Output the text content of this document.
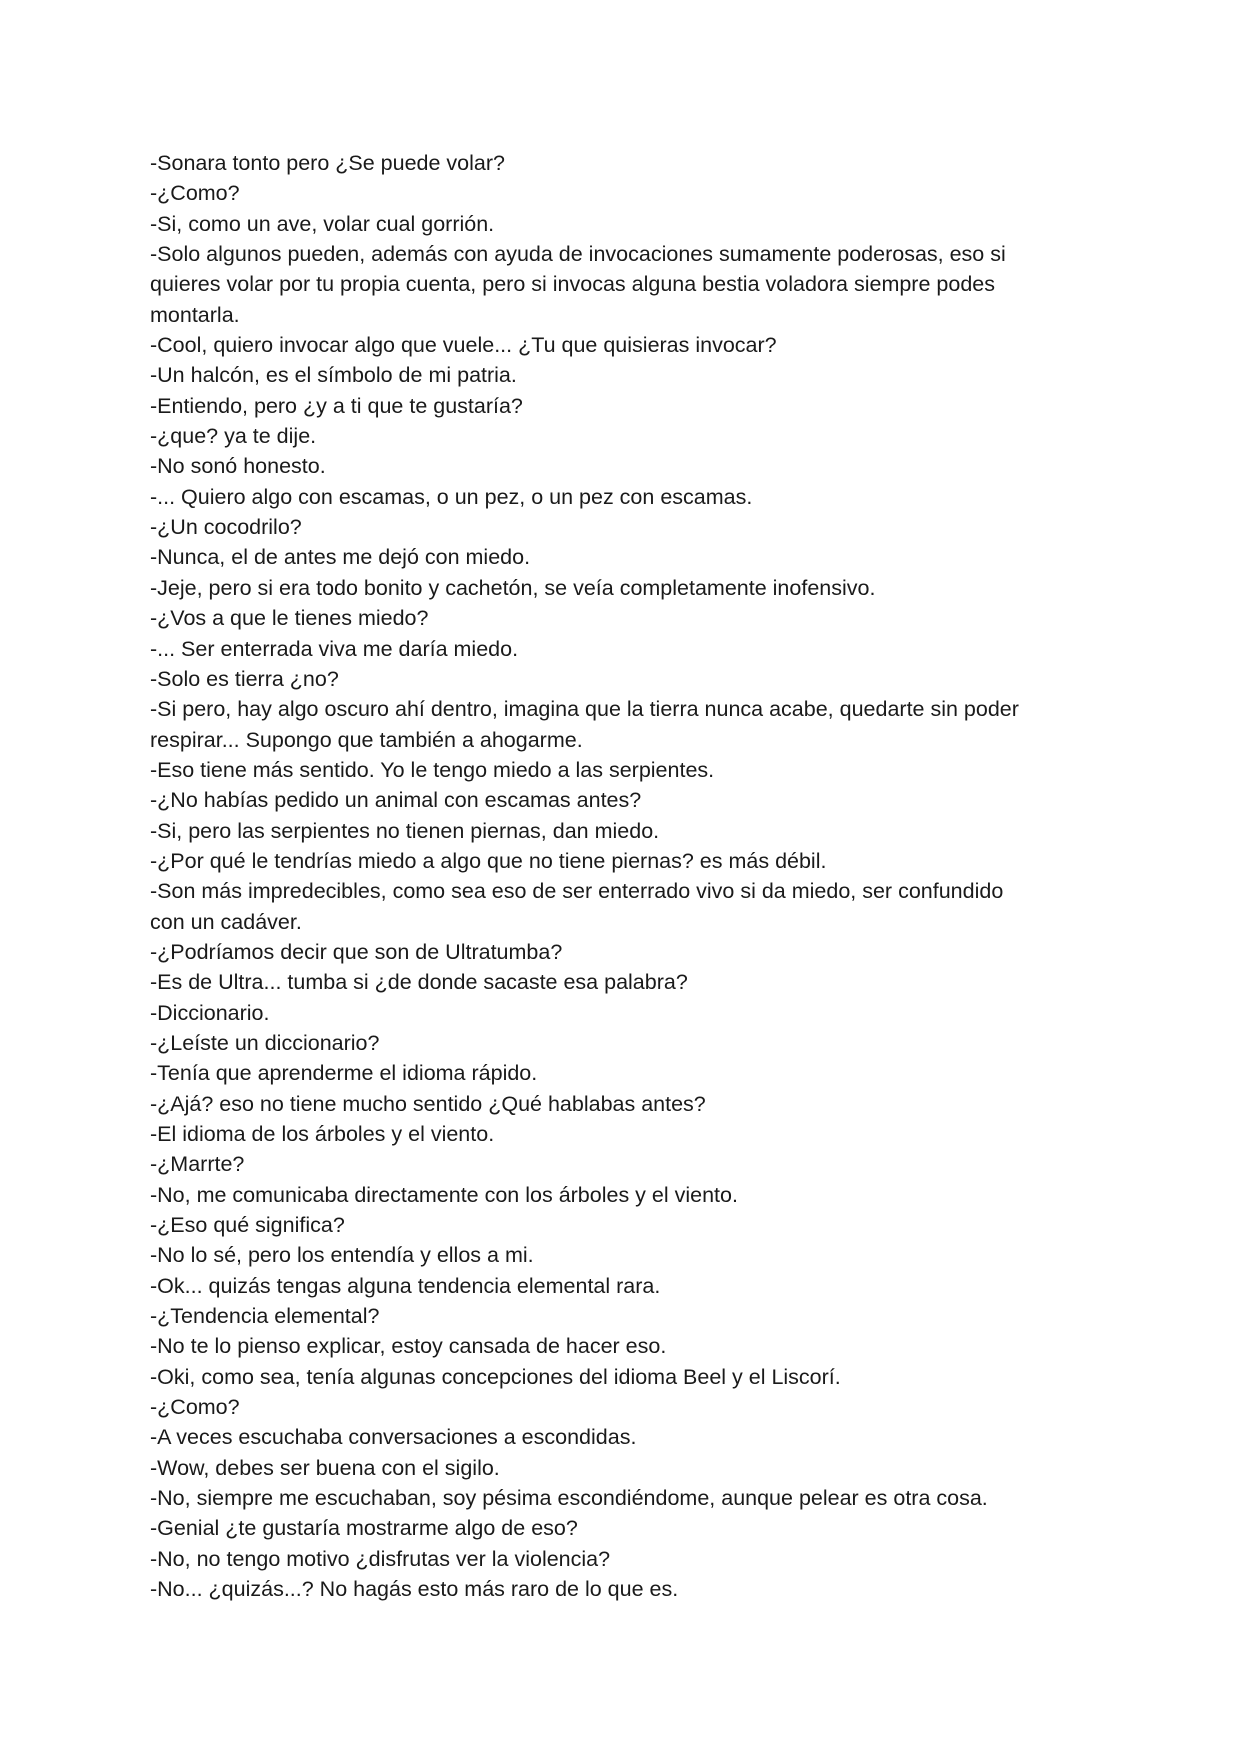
-Sonara tonto pero ¿Se puede volar?

-¿Como?

-Si, como un ave, volar cual gorrión.

-Solo algunos pueden, además con ayuda de invocaciones sumamente poderosas, eso si

quieres volar por tu propia cuenta, pero si invocas alguna bestia voladora siempre podes

montarla.

-Cool, quiero invocar algo que vuele... ¿Tu que quisieras invocar?

-Un halcón, es el símbolo de mi patria.

-Entiendo, pero ¿y a ti que te gustaría?

-¿que? ya te dije.

-No sonó honesto.

-... Quiero algo con escamas, o un pez, o un pez con escamas.

-¿Un cocodrilo?

-Nunca, el de antes me dejó con miedo.

-Jeje, pero si era todo bonito y cachetón, se veía completamente inofensivo.

-¿Vos a que le tienes miedo?

-... Ser enterrada viva me daría miedo.

-Solo es tierra ¿no?

-Si pero, hay algo oscuro ahí dentro, imagina que la tierra nunca acabe, quedarte sin poder

respirar... Supongo que también a ahogarme.

-Eso tiene más sentido. Yo le tengo miedo a las serpientes.

-¿No habías pedido un animal con escamas antes?

-Si, pero las serpientes no tienen piernas, dan miedo.

-¿Por qué le tendrías miedo a algo que no tiene piernas? es más débil.

-Son más impredecibles, como sea eso de ser enterrado vivo si da miedo, ser confundido

con un cadáver.

-¿Podríamos decir que son de Ultratumba?

-Es de Ultra... tumba si ¿de donde sacaste esa palabra?

-Diccionario.

-¿Leíste un diccionario?

-Tenía que aprenderme el idioma rápido.

-¿Ajá? eso no tiene mucho sentido ¿Qué hablabas antes?

-El idioma de los árboles y el viento.

-¿Marrte?

-No, me comunicaba directamente con los árboles y el viento.

-¿Eso qué significa?

-No lo sé, pero los entendía y ellos a mi.

-Ok... quizás tengas alguna tendencia elemental rara.

-¿Tendencia elemental?

-No te lo pienso explicar, estoy cansada de hacer eso.

-Oki, como sea, tenía algunas concepciones del idioma Beel y el Liscorí.

-¿Como?

-A veces escuchaba conversaciones a escondidas.

-Wow, debes ser buena con el sigilo.

-No, siempre me escuchaban, soy pésima escondiéndome, aunque pelear es otra cosa.

-Genial ¿te gustaría mostrarme algo de eso?

-No, no tengo motivo ¿disfrutas ver la violencia?

-No... ¿quizás...? No hagás esto más raro de lo que es.
